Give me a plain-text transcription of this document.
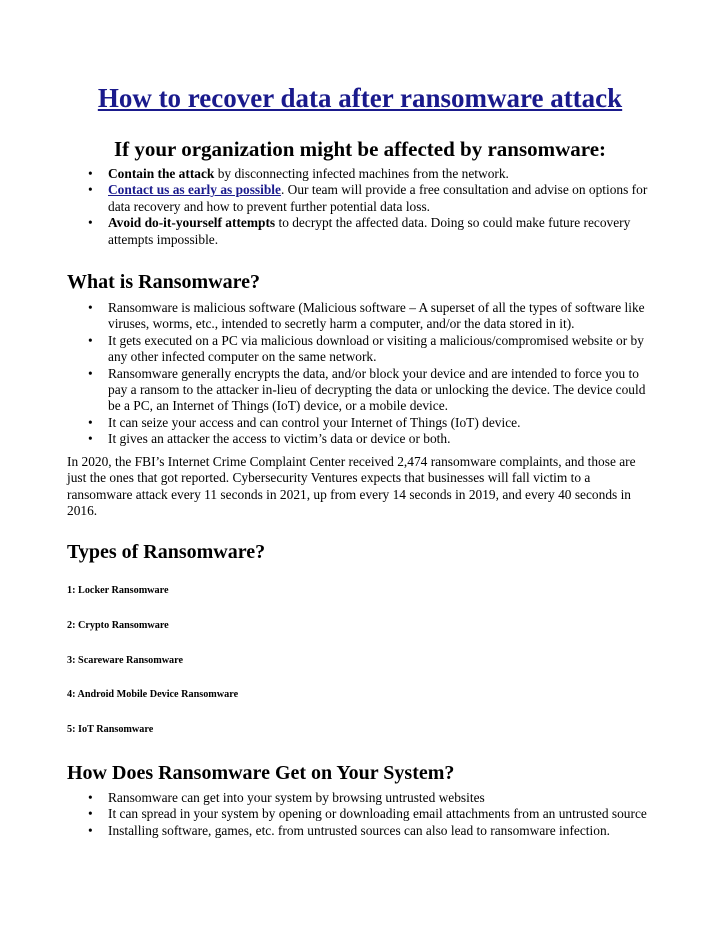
How to recover data after ransomware attack
If your organization might be affected by ransomware:
• Contain the attack by disconnecting infected machines from the network.
• Contact us as early as possible. Our team will provide a free consultation and advise on options for data recovery and how to prevent further potential data loss.
• Avoid do-it-yourself attempts to decrypt the affected data. Doing so could make future recovery attempts impossible.
What is Ransomware?
• Ransomware is malicious software (Malicious software – A superset of all the types of software like viruses, worms, etc., intended to secretly harm a computer, and/or the data stored in it).
• It gets executed on a PC via malicious download or visiting a malicious/compromised website or by any other infected computer on the same network.
• Ransomware generally encrypts the data, and/or block your device and are intended to force you to pay a ransom to the attacker in-lieu of decrypting the data or unlocking the device. The device could be a PC, an Internet of Things (IoT) device, or a mobile device.
• It can seize your access and can control your Internet of Things (IoT) device.
• It gives an attacker the access to victim’s data or device or both.

In 2020, the FBI’s Internet Crime Complaint Center received 2,474 ransomware complaints, and those are just the ones that got reported. Cybersecurity Ventures expects that businesses will fall victim to a ransomware attack every 11 seconds in 2021, up from every 14 seconds in 2019, and every 40 seconds in 2016.

Types of Ransomware?

1: Locker Ransomware

2: Crypto Ransomware

3: Scareware Ransomware

4: Android Mobile Device Ransomware

5: IoT Ransomware

How Does Ransomware Get on Your System?
• Ransomware can get into your system by browsing untrusted websites
• It can spread in your system by opening or downloading email attachments from an untrusted source
• Installing software, games, etc. from untrusted sources can also lead to ransomware infection.
